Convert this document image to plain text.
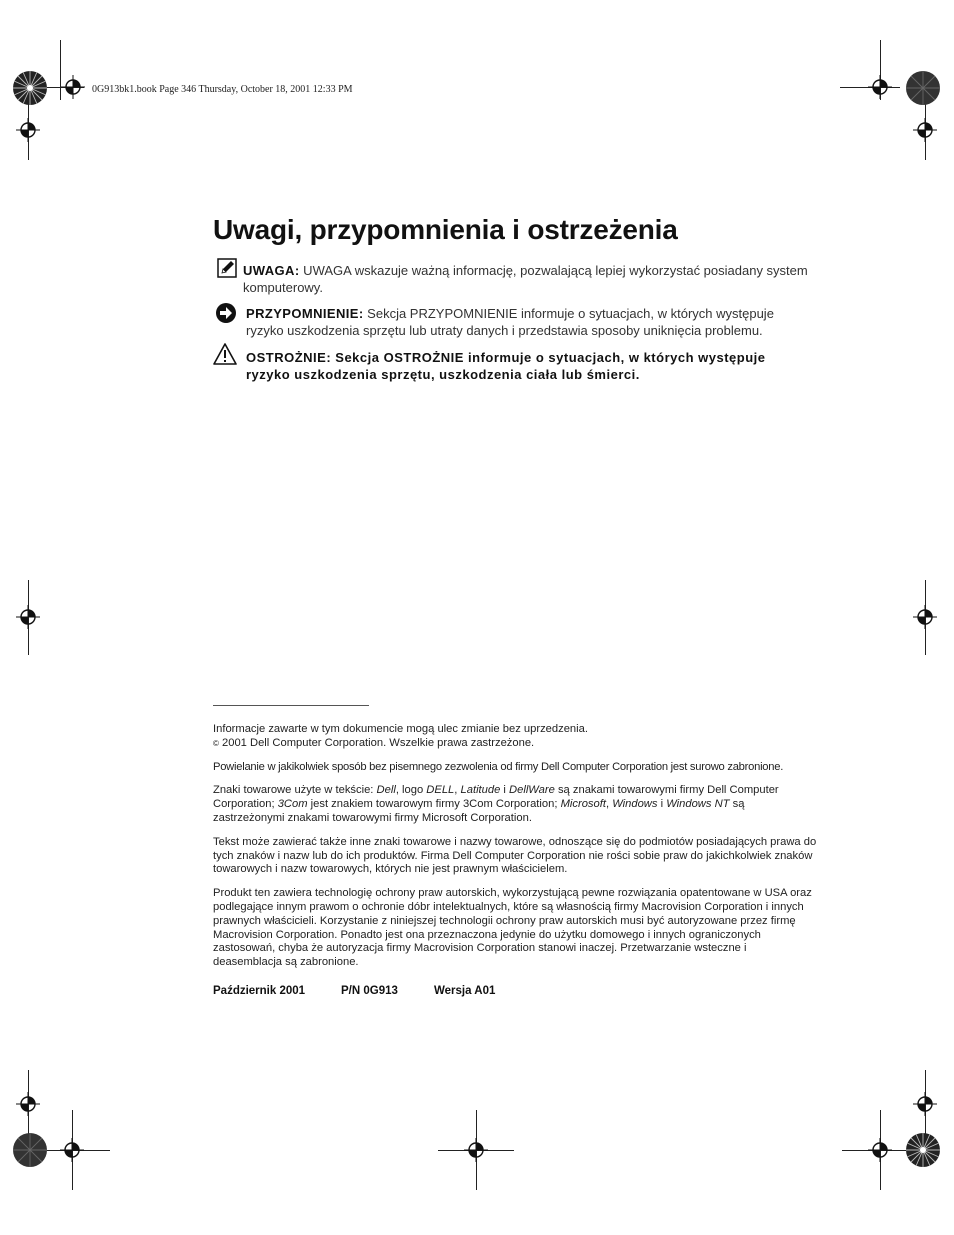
0G913bk1.book Page 346 Thursday, October 18, 2001 12:33 PM
Uwagi, przypomnienia i ostrzeżenia
UWAGA: UWAGA wskazuje ważną informację, pozwalającą lepiej wykorzystać posiadany system komputerowy.
PRZYPOMNIENIE: Sekcja PRZYPOMNIENIE informuje o sytuacjach, w których występuje ryzyko uszkodzenia sprzętu lub utraty danych i przedstawia sposoby uniknięcia problemu.
OSTROŻNIE: Sekcja OSTROŻNIE informuje o sytuacjach, w których występuje ryzyko uszkodzenia sprzętu, uszkodzenia ciała lub śmierci.

Informacje zawarte w tym dokumencie mogą ulec zmianie bez uprzedzenia.

© 2001 Dell Computer Corporation. Wszelkie prawa zastrzeżone.

Powielanie w jakikolwiek sposób bez pisemnego zezwolenia od firmy Dell Computer Corporation jest surowo zabronione.

Znaki towarowe użyte w tekście: Dell, logo DELL, Latitude i DellWare są znakami towarowymi firmy Dell Computer Corporation; 3Com jest znakiem towarowym firmy 3Com Corporation; Microsoft, Windows i Windows NT są zastrzeżonymi znakami towarowymi firmy Microsoft Corporation.

Tekst może zawierać także inne znaki towarowe i nazwy towarowe, odnoszące się do podmiotów posiadających prawa do tych znaków i nazw lub do ich produktów. Firma Dell Computer Corporation nie rości sobie praw do jakichkolwiek znaków towarowych i nazw towarowych, których nie jest prawnym właścicielem.

Produkt ten zawiera technologię ochrony praw autorskich, wykorzystującą pewne rozwiązania opatentowane w USA oraz podlegające innym prawom o ochronie dóbr intelektualnych, które są własnością firmy Macrovision Corporation i innych prawnych właścicieli. Korzystanie z niniejszej technologii ochrony praw autorskich musi być autoryzowane przez firmę Macrovision Corporation. Ponadto jest ona przeznaczona jedynie do użytku domowego i innych ograniczonych zastosowań, chyba że autoryzacja firmy Macrovision Corporation stanowi inaczej. Przetwarzanie wsteczne i deasemblacja są zabronione.

Październik 2001	P/N 0G913	Wersja A01
